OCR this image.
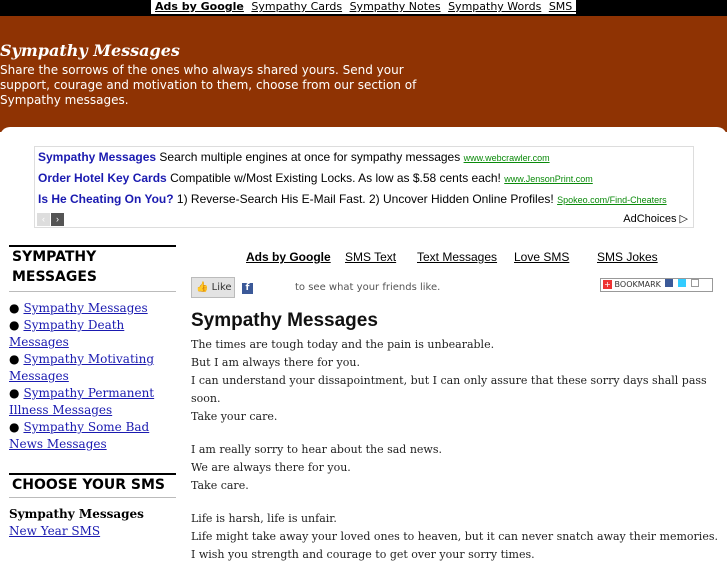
Ads by Google Sympathy Cards Sympathy Notes Sympathy Words SMS Message
Sympathy Messages
Share the sorrows of the ones who always shared yours. Send your support, courage and motivation to them, choose from our section of Sympathy messages.
Sympathy Messages Search multiple engines at once for sympathy messages www.webcrawler.com
Order Hotel Key Cards Compatible w/Most Existing Locks. As low as $.58 cents each! www.JensonPrint.com
Is He Cheating On You? 1) Reverse-Search His E-Mail Fast. 2) Uncover Hidden Online Profiles! Spokeo.com/Find-Cheaters
‹ ›	AdChoices ▷
SYMPATHY MESSAGES
● Sympathy Messages
● Sympathy Death Messages
● Sympathy Motivating Messages
● Sympathy Permanent Illness Messages
● Sympathy Some Bad News Messages
CHOOSE YOUR SMS
Sympathy Messages
New Year SMS
Ads by Google SMS Text Text Messages Love SMS SMS Jokes
👍 Like	f	to see what your friends like.	+ BOOKMARK
Sympathy Messages

The times are tough today and the pain is unbearable.
But I am always there for you.
I can understand your dissapointment, but I can only assure that these sorry days shall pass soon.
Take your care.

I am really sorry to hear about the sad news.
We are always there for you.
Take care.

Life is harsh, life is unfair.
Life might take away your loved ones to heaven, but it can never snatch away their memories.
I wish you strength and courage to get over your sorry times.
